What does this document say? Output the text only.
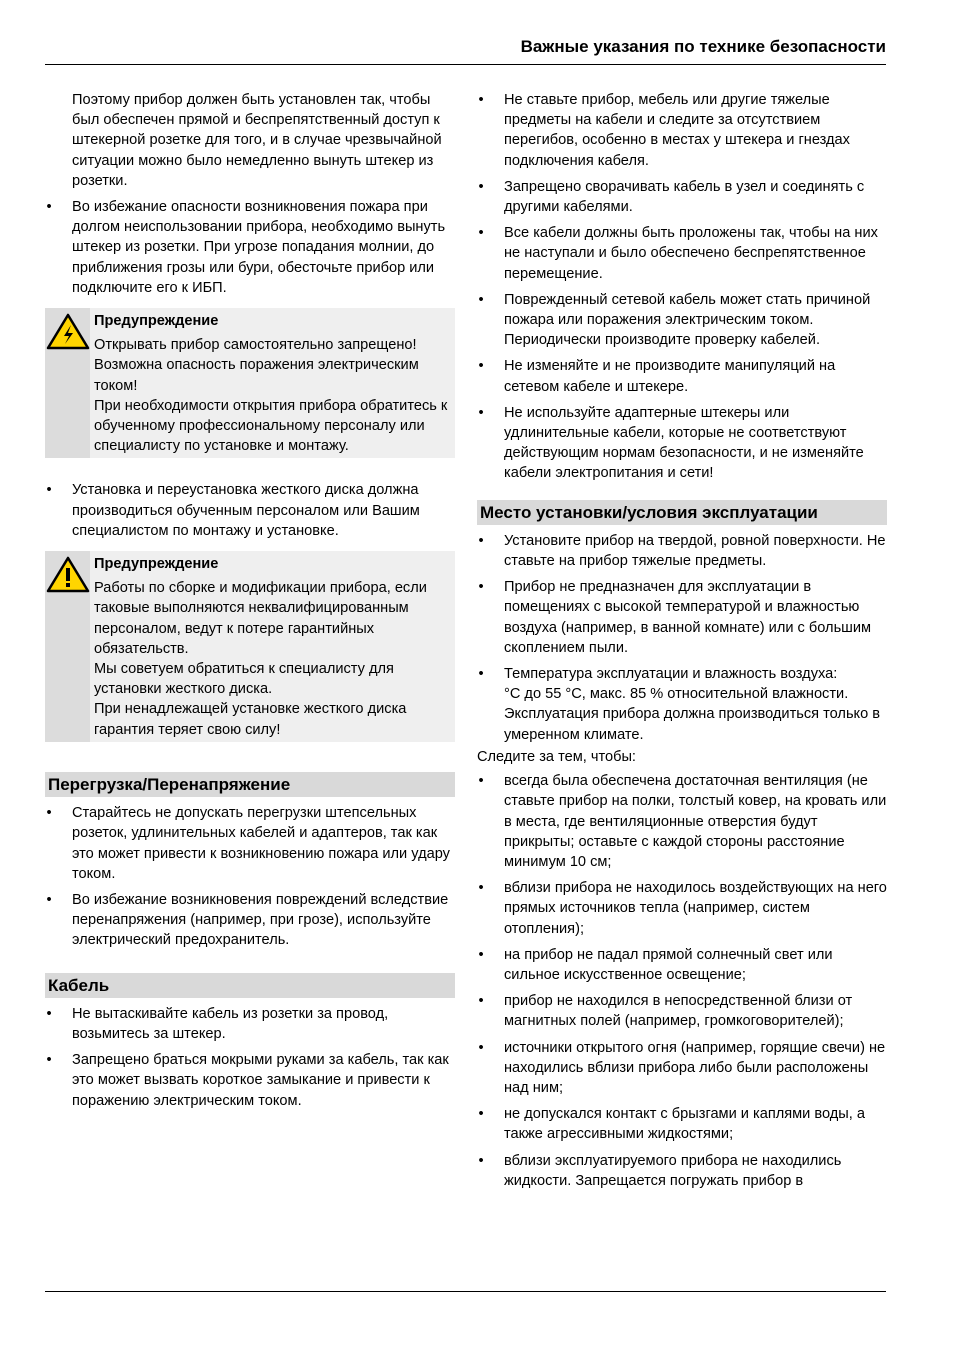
Важные указания по технике безопасности

Поэтому прибор должен быть установлен так, чтобы был обеспечен прямой и беспрепятственный доступ к штекерной розетке для того, и в случае чрезвычайной ситуации можно было немедленно вынуть штекер из розетки.

• Во избежание опасности возникновения пожара при долгом неиспользовании прибора, необходимо вынуть штекер из розетки. При угрозе попадания молнии, до приближения грозы или бури, обесточьте прибор или подключите его к ИБП.
Предупреждение
Открывать прибор самостоятельно запрещено! Возможна опасность поражения электрическим током!
При необходимости открытия прибора обратитесь к обученному профессиональному персоналу или специалисту по установке и монтажу.
• Установка и переустановка жесткого диска должна производиться обученным персоналом или Вашим специалистом по монтажу и установке.
Предупреждение
Работы по сборке и модификации прибора, если таковые выполняются неквалифицированным персоналом, ведут к потере гарантийных обязательств.
Мы советуем обратиться к специалисту для установки жесткого диска.
При ненадлежащей установке жесткого диска гарантия теряет свою силу!
Перегрузка/Перенапряжение
• Старайтесь не допускать перегрузки штепсельных розеток, удлинительных кабелей и адаптеров, так как это может привести к возникновению пожара или удару током.
• Во избежание возникновения повреждений вследствие перенапряжения (например, при грозе), используйте электрический предохранитель.
Кабель
• Не вытаскивайте кабель из розетки за провод, возьмитесь за штекер.
• Запрещено браться мокрыми руками за кабель, так как это может вызвать короткое замыкание и привести к поражению электрическим током.
• Не ставьте прибор, мебель или другие тяжелые предметы на кабели и следите за отсутствием перегибов, особенно в местах у штекера и гнездах подключения кабеля.
• Запрещено сворачивать кабель в узел и соединять с другими кабелями.
• Все кабели должны быть проложены так, чтобы на них не наступали и было обеспечено беспрепятственное перемещение.
• Поврежденный сетевой кабель может стать причиной пожара или поражения электрическим током. Периодически производите проверку кабелей.
• Не изменяйте и не производите манипуляций на сетевом кабеле и штекере.
• Не используйте адаптерные штекеры или удлинительные кабели, которые не соответствуют действующим нормам безопасности, и не изменяйте кабели электропитания и сети!
Место установки/условия эксплуатации
• Установите прибор на твердой, ровной поверхности. Не ставьте на прибор тяжелые предметы.
• Прибор не предназначен для эксплуатации в помещениях с высокой температурой и влажностью воздуха (например, в ванной комнате) или с большим скоплением пыли.
• Температура эксплуатации и влажность воздуха:
°C до 55 °C, макс. 85 % относительной влажности. Эксплуатация прибора должна производиться только в умеренном климате.

Следите за тем, чтобы:

• всегда была обеспечена достаточная вентиляция (не ставьте прибор на полки, толстый ковер, на кровать или в места, где вентиляционные отверстия будут прикрыты; оставьте с каждой стороны расстояние минимум 10 см;
• вблизи прибора не находилось воздействующих на него прямых источников тепла (например, систем отопления);
• на прибор не падал прямой солнечный свет или сильное искусственное освещение;
• прибор не находился в непосредственной близи от магнитных полей (например, громкоговорителей);
• источники открытого огня (например, горящие свечи) не находились вблизи прибора либо были расположены над ним;
• не допускался контакт с брызгами и каплями воды, а также агрессивными жидкостями;
• вблизи эксплуатируемого прибора не находились жидкости. Запрещается погружать прибор в
